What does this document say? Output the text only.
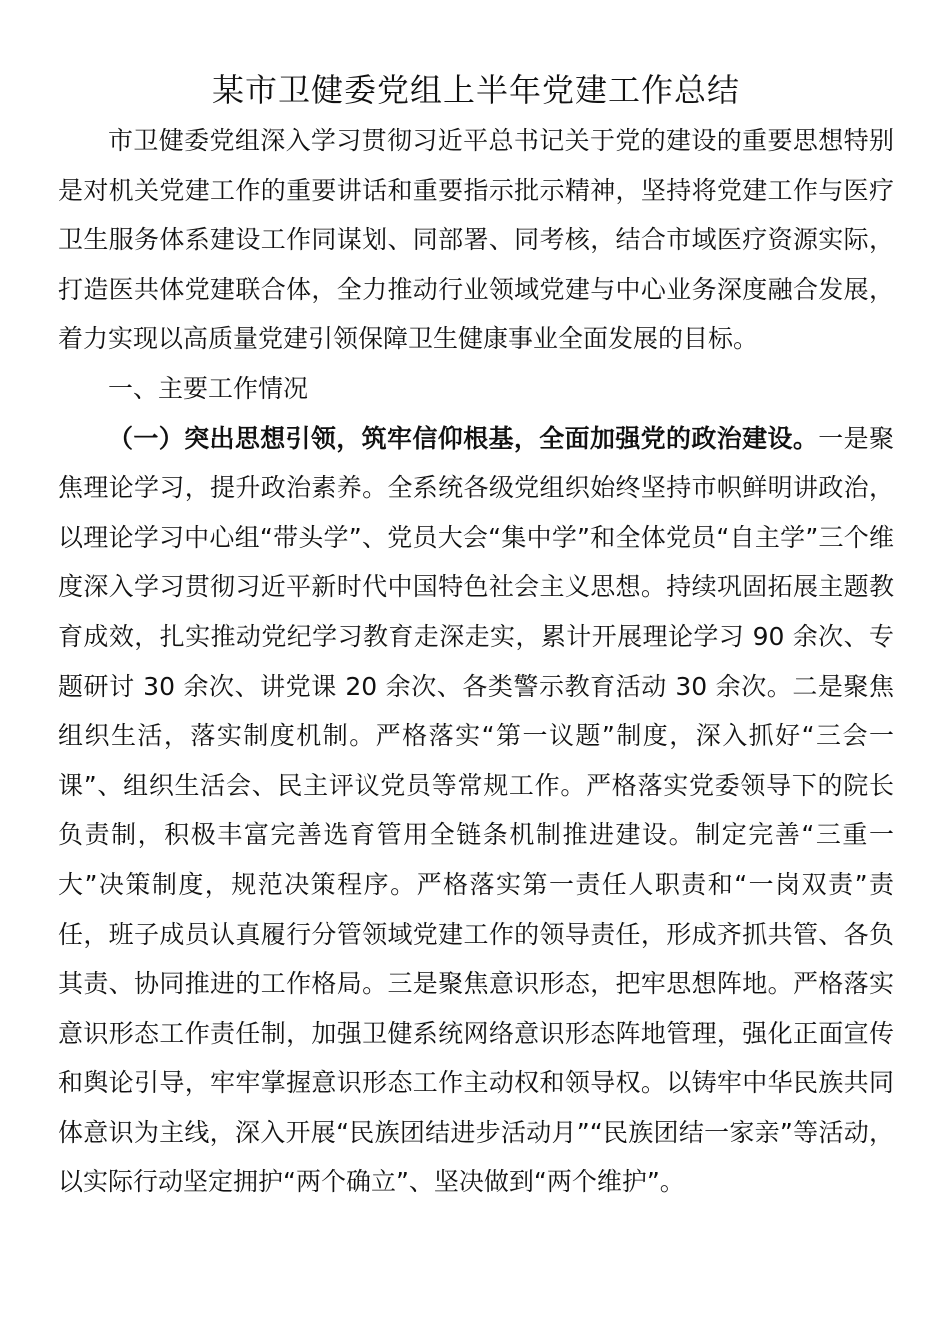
某市卫健委党组上半年党建工作总结

市卫健委党组深入学习贯彻习近平总书记关于党的建设的重要思想特别是对机关党建工作的重要讲话和重要指示批示精神，坚持将党建工作与医疗卫生服务体系建设工作同谋划、同部署、同考核，结合市域医疗资源实际，打造医共体党建联合体，全力推动行业领域党建与中心业务深度融合发展，着力实现以高质量党建引领保障卫生健康事业全面发展的目标。

一、主要工作情况

（一）突出思想引领，筑牢信仰根基，全面加强党的政治建设。一是聚焦理论学习，提升政治素养。全系统各级党组织始终坚持市帜鲜明讲政治，以理论学习中心组“带头学”、党员大会“集中学”和全体党员“自主学”三个维度深入学习贯彻习近平新时代中国特色社会主义思想。持续巩固拓展主题教育成效，扎实推动党纪学习教育走深走实，累计开展理论学习 90 余次、专题研讨 30 余次、讲党课 20 余次、各类警示教育活动 30 余次。二是聚焦组织生活，落实制度机制。严格落实“第一议题”制度，深入抓好“三会一课”、组织生活会、民主评议党员等常规工作。严格落实党委领导下的院长负责制，积极丰富完善选育管用全链条机制推进建设。制定完善“三重一大”决策制度，规范决策程序。严格落实第一责任人职责和“一岗双责”责任，班子成员认真履行分管领域党建工作的领导责任，形成齐抓共管、各负其责、协同推进的工作格局。三是聚焦意识形态，把牢思想阵地。严格落实意识形态工作责任制，加强卫健系统网络意识形态阵地管理，强化正面宣传和舆论引导，牢牢掌握意识形态工作主动权和领导权。以铸牢中华民族共同体意识为主线，深入开展“民族团结进步活动月”“民族团结一家亲”等活动，以实际行动坚定拥护“两个确立”、坚决做到“两个维护”。
